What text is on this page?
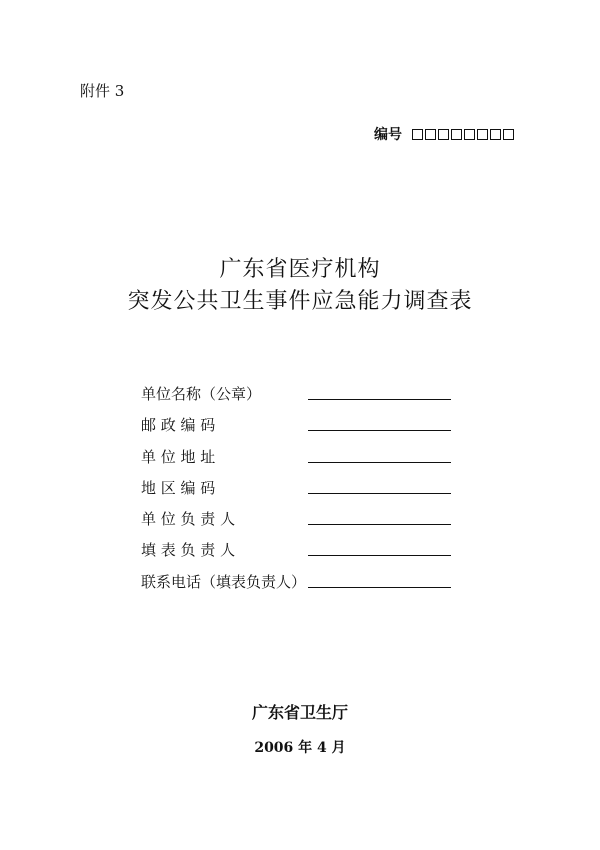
附件 3
编号
广东省医疗机构
突发公共卫生事件应急能力调查表
单位名称（公章）
邮 政 编 码
单 位 地 址
地 区 编 码
单 位 负 责 人
填 表 负 责 人
联系电话（填表负责人）
广东省卫生厅
2006 年 4 月
